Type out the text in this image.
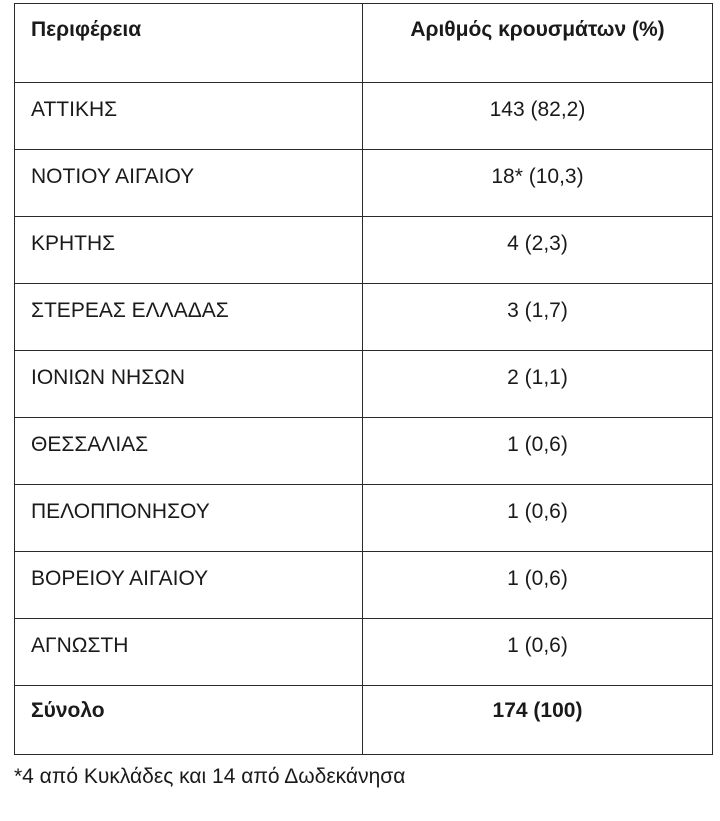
Περιφέρεια	Αριθμός κρουσμάτων (%)

ΑΤΤΙΚΗΣ	143 (82,2)

ΝΟΤΙΟΥ ΑΙΓΑΙΟΥ	18* (10,3)

ΚΡΗΤΗΣ	4 (2,3)

ΣΤΕΡΕΑΣ ΕΛΛΑΔΑΣ	3 (1,7)

ΙΟΝΙΩΝ ΝΗΣΩΝ	2 (1,1)

ΘΕΣΣΑΛΙΑΣ	1 (0,6)

ΠΕΛΟΠΠΟΝΗΣΟΥ	1 (0,6)

ΒΟΡΕΙΟΥ ΑΙΓΑΙΟΥ	1 (0,6)

ΑΓΝΩΣΤΗ	1 (0,6)

Σύνολο	174 (100)
*4 από Κυκλάδες και 14 από Δωδεκάνησα
